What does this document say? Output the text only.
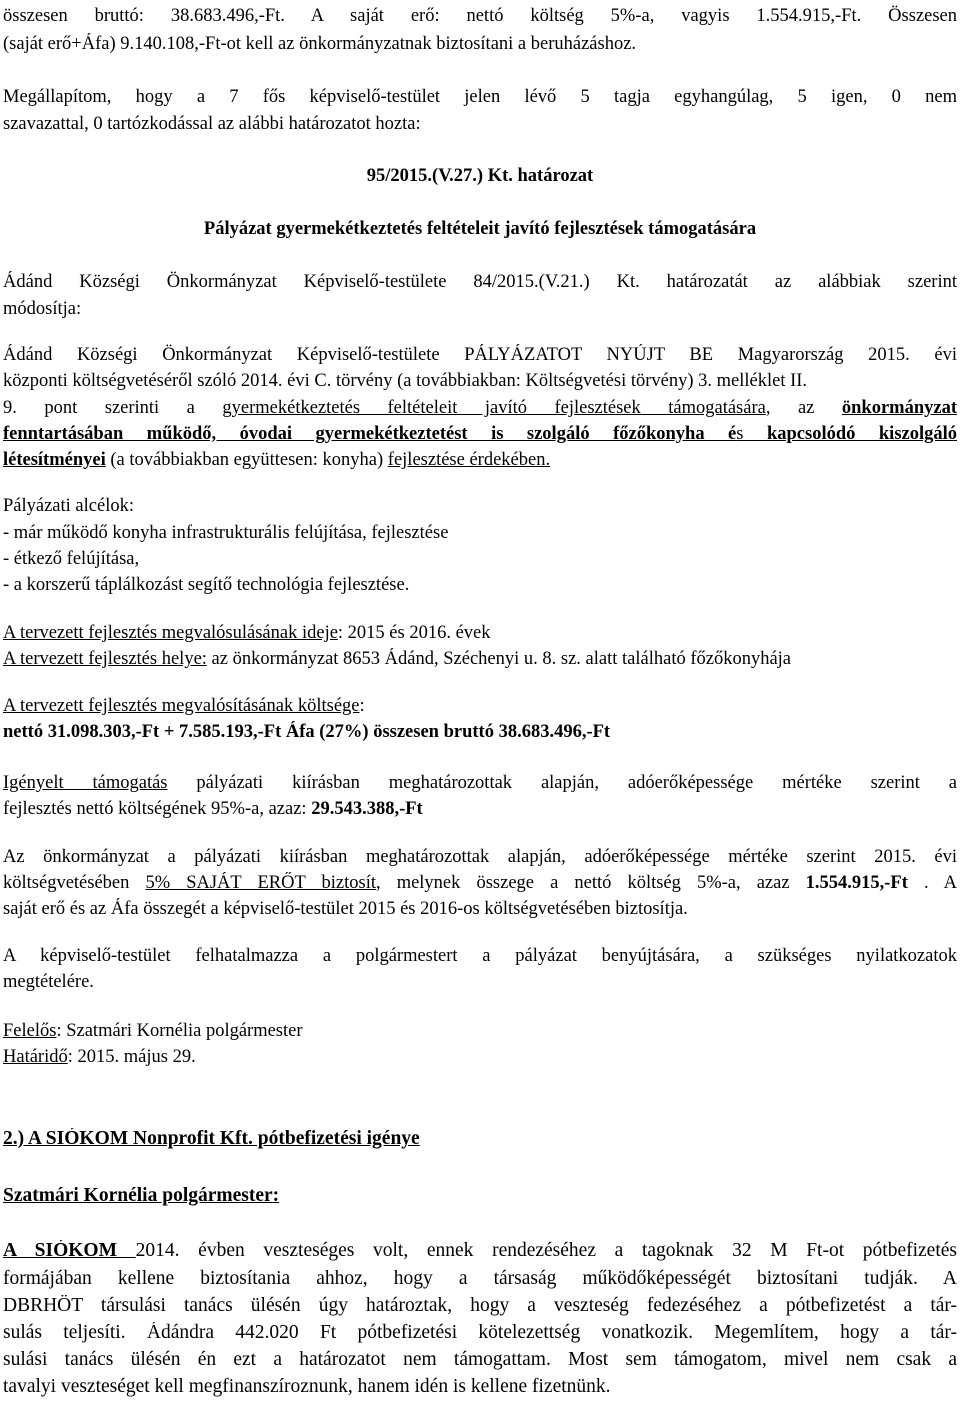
összesen bruttó: 38.683.496,-Ft. A saját erő: nettó költség 5%-a, vagyis 1.554.915,-Ft. Összesen
(saját erő+Áfa) 9.140.108,-Ft-ot kell az önkormányzatnak biztosítani a beruházáshoz.
Megállapítom, hogy a 7 fős képviselő-testület jelen lévő 5 tagja egyhangúlag, 5 igen, 0 nem
szavazattal, 0 tartózkodással az alábbi határozatot hozta:
95/2015.(V.27.) Kt. határozat
Pályázat gyermekétkeztetés feltételeit javító fejlesztések támogatására
Ádánd Községi Önkormányzat Képviselő-testülete 84/2015.(V.21.) Kt. határozatát az alábbiak szerint
módosítja:
Ádánd Községi Önkormányzat Képviselő-testülete PÁLYÁZATOT NYÚJT BE Magyarország 2015. évi
központi költségvetéséről szóló 2014. évi C. törvény (a továbbiakban: Költségvetési törvény) 3. melléklet II.
9. pont szerinti a gyermekétkeztetés feltételeit javító fejlesztések támogatására, az önkormányzat
fenntartásában működő, óvodai gyermekétkeztetést is szolgáló főzőkonyha és kapcsolódó kiszolgáló
létesítményei (a továbbiakban együttesen: konyha) fejlesztése érdekében.
Pályázati alcélok:
- már működő konyha infrastrukturális felújítása, fejlesztése
- étkező felújítása,
- a korszerű táplálkozást segítő technológia fejlesztése.
A tervezett fejlesztés megvalósulásának ideje: 2015 és 2016. évek
A tervezett fejlesztés helye: az önkormányzat 8653 Ádánd, Széchenyi u. 8. sz. alatt található főzőkonyhája
A tervezett fejlesztés megvalósításának költsége:
nettó 31.098.303,-Ft + 7.585.193,-Ft Áfa (27%) összesen bruttó 38.683.496,-Ft
Igényelt támogatás pályázati kiírásban meghatározottak alapján, adóerőképessége mértéke szerint a
fejlesztés nettó költségének 95%-a, azaz: 29.543.388,-Ft
Az önkormányzat a pályázati kiírásban meghatározottak alapján, adóerőképessége mértéke szerint 2015. évi
költségvetésében 5% SAJÁT ERŐT biztosít, melynek összege a nettó költség 5%-a, azaz 1.554.915,-Ft . A
saját erő és az Áfa összegét a képviselő-testület 2015 és 2016-os költségvetésében biztosítja.
A képviselő-testület felhatalmazza a polgármestert a pályázat benyújtására, a szükséges nyilatkozatok
megtételére.
Felelős: Szatmári Kornélia polgármester
Határidő: 2015. május 29.
2.) A SIÓKOM Nonprofit Kft. pótbefizetési igénye
Szatmári Kornélia polgármester:
A SIÓKOM 2014. évben veszteséges volt, ennek rendezéséhez a tagoknak 32 M Ft-ot pótbefizetés
formájában kellene biztosítania ahhoz, hogy a társaság működőképességét biztosítani tudják. A
DBRHÖT társulási tanács ülésén úgy határoztak, hogy a veszteség fedezéséhez a pótbefizetést a tár-
sulás teljesíti. Ádándra 442.020 Ft pótbefizetési kötelezettség vonatkozik. Megemlítem, hogy a tár-
sulási tanács ülésén én ezt a határozatot nem támogattam. Most sem támogatom, mivel nem csak a
tavalyi veszteséget kell megfinanszíroznunk, hanem idén is kellene fizetnünk.
